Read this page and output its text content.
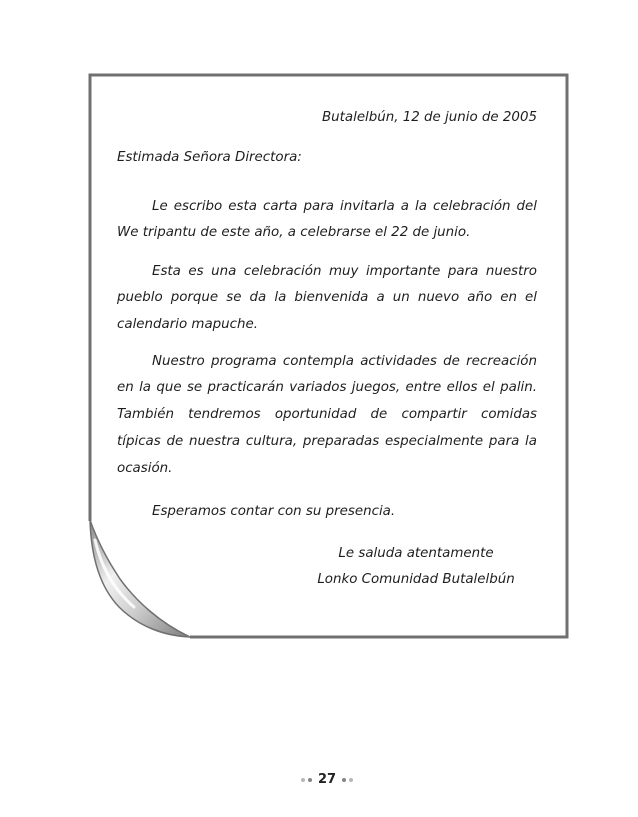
Butalelbún, 12 de junio de 2005
Estimada Señora Directora:
Le escribo esta carta para invitarla a la celebración del
We tripantu de este año, a celebrarse el 22 de junio.
Esta es una celebración muy importante para nuestro
pueblo porque se da la bienvenida a un nuevo año en el
calendario mapuche.
Nuestro programa contempla actividades de recreación
en la que se practicarán variados juegos, entre ellos el palin.
También tendremos oportunidad de compartir comidas
típicas de nuestra cultura, preparadas especialmente para la
ocasión.
Esperamos contar con su presencia.
Le saluda atentamente
Lonko Comunidad Butalelbún
27
